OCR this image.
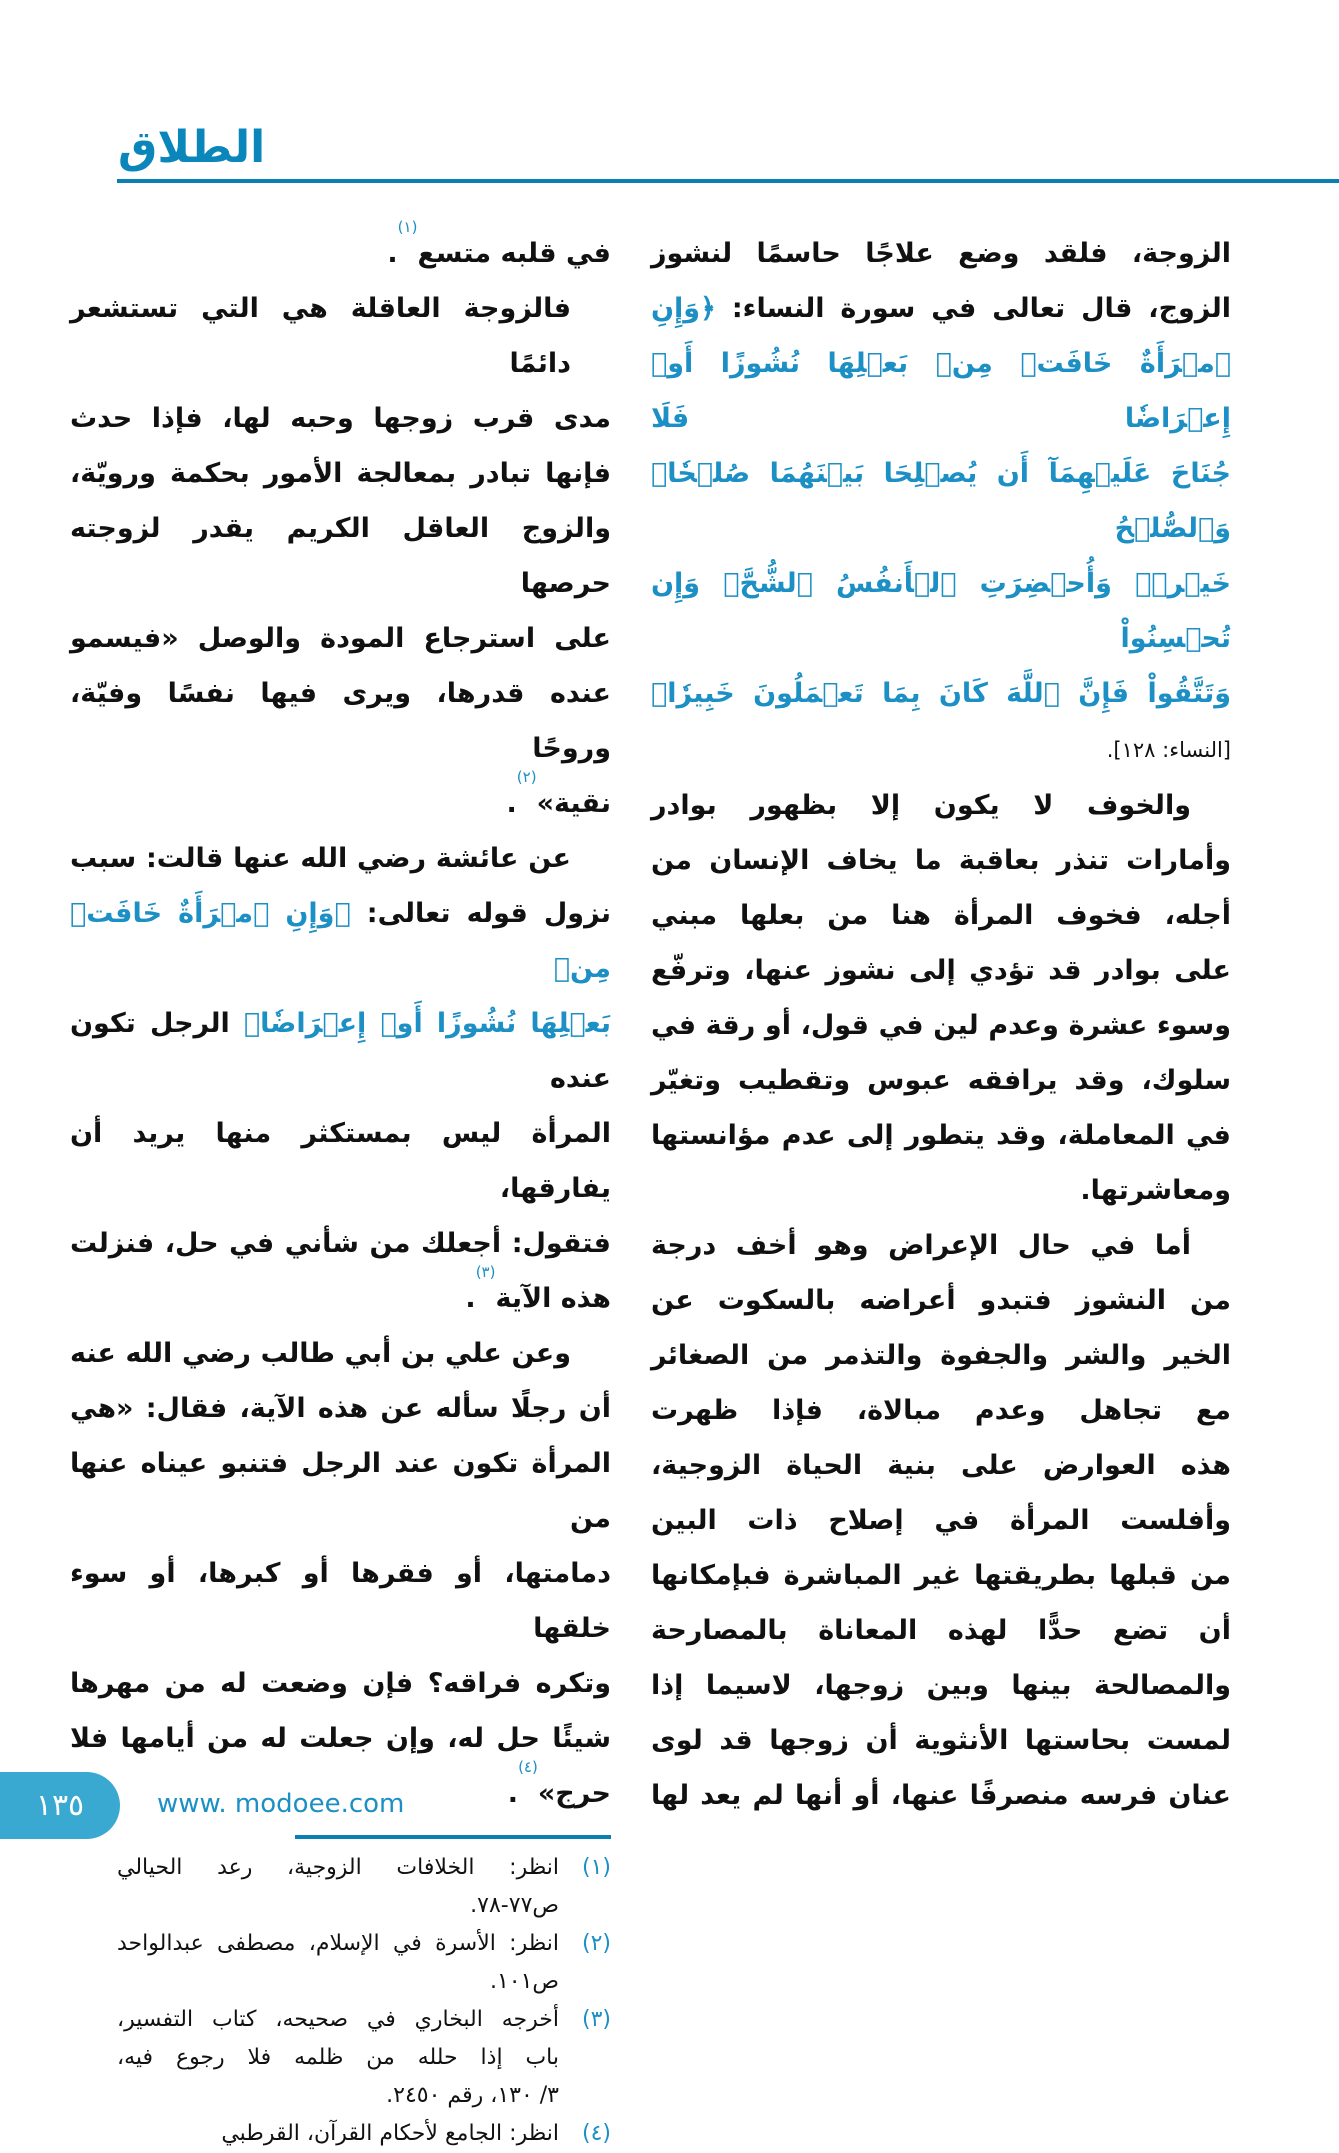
الطلاق
الزوجة، فلقد وضع علاجًا حاسمًا لنشوز
الزوج، قال تعالى في سورة النساء: ﴿وَإِنِ
ٱمۡرَأَةٌ خَافَتۡ مِنۢ بَعۡلِهَا نُشُوزًا أَوۡ إِعۡرَاضٗا فَلَا
جُنَاحَ عَلَيۡهِمَآ أَن يُصۡلِحَا بَيۡنَهُمَا صُلۡحٗاۚ وَٱلصُّلۡحُ
خَيۡرٞۗ وَأُحۡضِرَتِ ٱلۡأَنفُسُ ٱلشُّحَّۚ وَإِن تُحۡسِنُواْ
وَتَتَّقُواْ فَإِنَّ ٱللَّهَ كَانَ بِمَا تَعۡمَلُونَ خَبِيرٗا﴾
[النساء: ١٢٨].
والخوف لا يكون إلا بظهور بوادر
وأمارات تنذر بعاقبة ما يخاف الإنسان من
أجله، فخوف المرأة هنا من بعلها مبني
على بوادر قد تؤدي إلى نشوز عنها، وترفّع
وسوء عشرة وعدم لين في قول، أو رقة في
سلوك، وقد يرافقه عبوس وتقطيب وتغيّر
في المعاملة، وقد يتطور إلى عدم مؤانستها
ومعاشرتها.
أما في حال الإعراض وهو أخف درجة
من النشوز فتبدو أعراضه بالسكوت عن
الخير والشر والجفوة والتذمر من الصغائر
مع تجاهل وعدم مبالاة، فإذا ظهرت
هذه العوارض على بنية الحياة الزوجية،
وأفلست المرأة في إصلاح ذات البين
من قبلها بطريقتها غير المباشرة فبإمكانها
أن تضع حدًّا لهذه المعاناة بالمصارحة
والمصالحة بينها وبين زوجها، لاسيما إذا
لمست بحاستها الأنثوية أن زوجها قد لوى
عنان فرسه منصرفًا عنها، أو أنها لم يعد لها
في قلبه متسع$^{(١)}$.
فالزوجة العاقلة هي التي تستشعر دائمًا
مدى قرب زوجها وحبه لها، فإذا حدث
فإنها تبادر بمعالجة الأمور بحكمة ورويّة،
والزوج العاقل الكريم يقدر لزوجته حرصها
على استرجاع المودة والوصل «فيسمو
عنده قدرها، ويرى فيها نفسًا وفيّة، وروحًا
نقية»$^{(٢)}$.
عن عائشة رضي الله عنها قالت: سبب
نزول قوله تعالى: ﴿وَإِنِ ٱمۡرَأَةٌ خَافَتۡ مِنۢ
بَعۡلِهَا نُشُوزًا أَوۡ إِعۡرَاضٗا﴾ الرجل تكون عنده
المرأة ليس بمستكثر منها يريد أن يفارقها،
فتقول: أجعلك من شأني في حل، فنزلت
هذه الآية$^{(٣)}$.
وعن علي بن أبي طالب رضي الله عنه
أن رجلًا سأله عن هذه الآية، فقال: «هي
المرأة تكون عند الرجل فتنبو عيناه عنها من
دمامتها، أو فقرها أو كبرها، أو سوء خلقها
وتكره فراقه؟ فإن وضعت له من مهرها
شيئًا حل له، وإن جعلت له من أيامها فلا
حرج»$^{(٤)}$.
(١)
انظر: الخلافات الزوجية، رعد الحيالي
ص٧٧-٧٨.
(٢)
انظر: الأسرة في الإسلام، مصطفى عبدالواحد
ص١٠١.
(٣)
أخرجه البخاري في صحيحه، كتاب التفسير،
باب إذا حلله من ظلمه فلا رجوع فيه،
٣/ ١٣٠، رقم ٢٤٥٠.
(٤)
انظر: الجامع لأحكام القرآن، القرطبي
١٣٥	www. modoee.com
